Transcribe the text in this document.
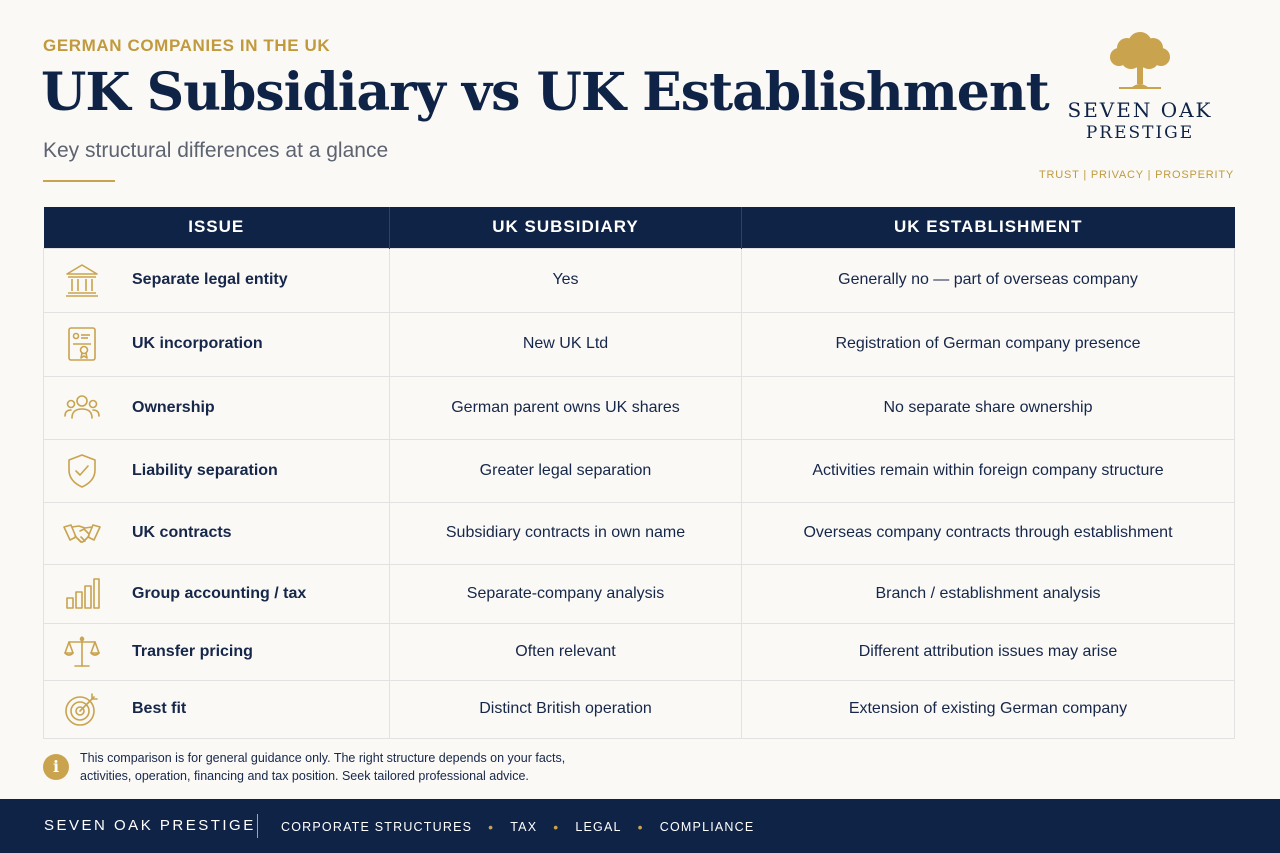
GERMAN COMPANIES IN THE UK
UK Subsidiary vs UK Establishment
Key structural differences at a glance
SEVEN OAK
PRESTIGE
TRUST | PRIVACY | PROSPERITY
ISSUE	UK SUBSIDIARY	UK ESTABLISHMENT

Separate legal entity	Yes	Generally no — part of overseas company

UK incorporation	New UK Ltd	Registration of German company presence

Ownership	German parent owns UK shares	No separate share ownership

Liability separation	Greater legal separation	Activities remain within foreign company structure

UK contracts	Subsidiary contracts in own name	Overseas company contracts through establishment

Group accounting / tax	Separate-company analysis	Branch / establishment analysis

Transfer pricing	Often relevant	Different attribution issues may arise

Best fit	Distinct British operation	Extension of existing German company
i	This comparison is for general guidance only. The right structure depends on your facts, activities, operation, financing and tax position. Seek tailored professional advice.
SEVEN OAK PRESTIGE CORPORATE STRUCTURES • TAX • LEGAL • COMPLIANCE
